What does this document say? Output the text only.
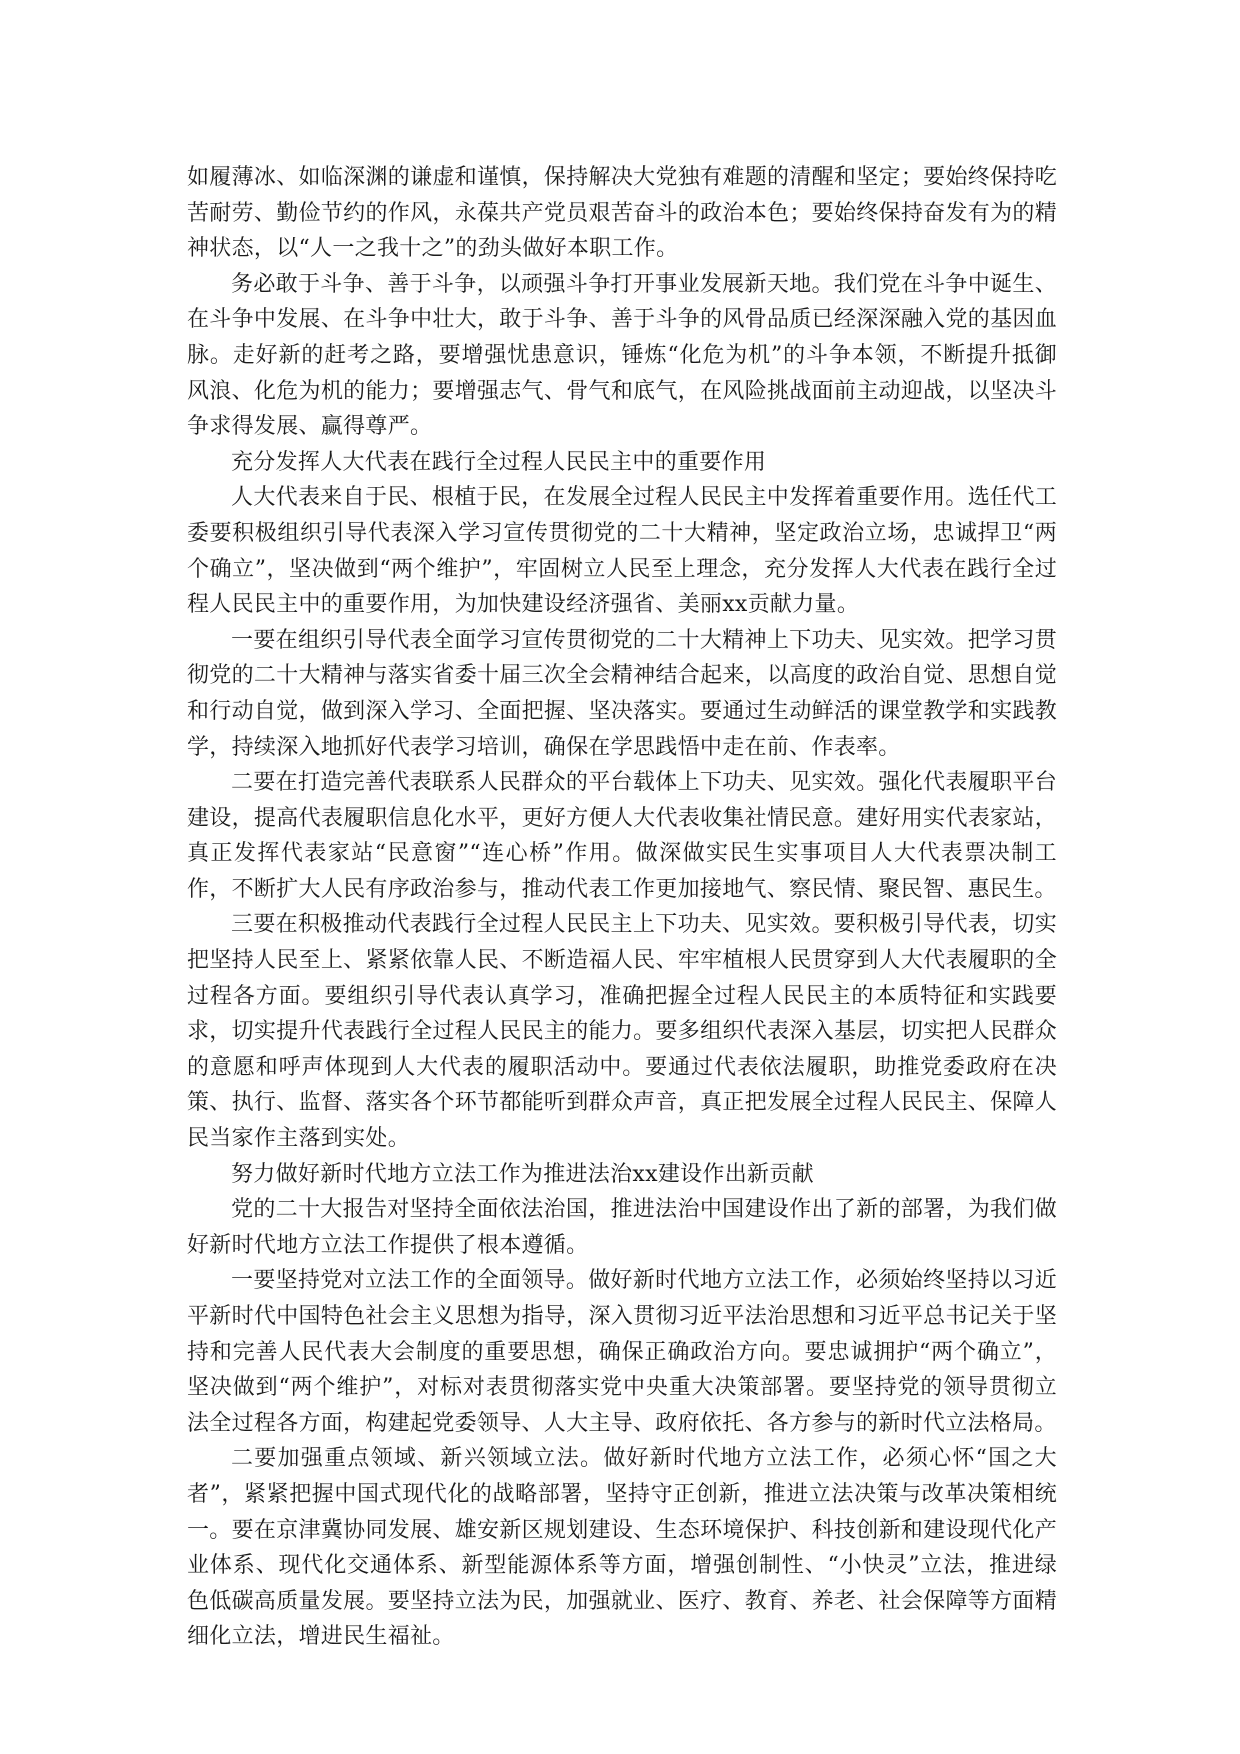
如履薄冰、如临深渊的谦虚和谨慎，保持解决大党独有难题的清醒和坚定；要始终保持吃苦耐劳、勤俭节约的作风，永葆共产党员艰苦奋斗的政治本色；要始终保持奋发有为的精神状态，以“人一之我十之”的劲头做好本职工作。

务必敢于斗争、善于斗争，以顽强斗争打开事业发展新天地。我们党在斗争中诞生、在斗争中发展、在斗争中壮大，敢于斗争、善于斗争的风骨品质已经深深融入党的基因血脉。走好新的赶考之路，要增强忧患意识，锤炼“化危为机”的斗争本领，不断提升抵御风浪、化危为机的能力；要增强志气、骨气和底气，在风险挑战面前主动迎战，以坚决斗争求得发展、赢得尊严。

充分发挥人大代表在践行全过程人民民主中的重要作用

人大代表来自于民、根植于民，在发展全过程人民民主中发挥着重要作用。选任代工委要积极组织引导代表深入学习宣传贯彻党的二十大精神，坚定政治立场，忠诚捍卫“两个确立”，坚决做到“两个维护”，牢固树立人民至上理念，充分发挥人大代表在践行全过程人民民主中的重要作用，为加快建设经济强省、美丽xx贡献力量。

一要在组织引导代表全面学习宣传贯彻党的二十大精神上下功夫、见实效。把学习贯彻党的二十大精神与落实省委十届三次全会精神结合起来，以高度的政治自觉、思想自觉和行动自觉，做到深入学习、全面把握、坚决落实。要通过生动鲜活的课堂教学和实践教学，持续深入地抓好代表学习培训，确保在学思践悟中走在前、作表率。

二要在打造完善代表联系人民群众的平台载体上下功夫、见实效。强化代表履职平台建设，提高代表履职信息化水平，更好方便人大代表收集社情民意。建好用实代表家站，真正发挥代表家站“民意窗”“连心桥”作用。做深做实民生实事项目人大代表票决制工作，不断扩大人民有序政治参与，推动代表工作更加接地气、察民情、聚民智、惠民生。

三要在积极推动代表践行全过程人民民主上下功夫、见实效。要积极引导代表，切实把坚持人民至上、紧紧依靠人民、不断造福人民、牢牢植根人民贯穿到人大代表履职的全过程各方面。要组织引导代表认真学习，准确把握全过程人民民主的本质特征和实践要求，切实提升代表践行全过程人民民主的能力。要多组织代表深入基层，切实把人民群众的意愿和呼声体现到人大代表的履职活动中。要通过代表依法履职，助推党委政府在决策、执行、监督、落实各个环节都能听到群众声音，真正把发展全过程人民民主、保障人民当家作主落到实处。

努力做好新时代地方立法工作为推进法治xx建设作出新贡献

党的二十大报告对坚持全面依法治国，推进法治中国建设作出了新的部署，为我们做好新时代地方立法工作提供了根本遵循。

一要坚持党对立法工作的全面领导。做好新时代地方立法工作，必须始终坚持以习近平新时代中国特色社会主义思想为指导，深入贯彻习近平法治思想和习近平总书记关于坚持和完善人民代表大会制度的重要思想，确保正确政治方向。要忠诚拥护“两个确立”，坚决做到“两个维护”，对标对表贯彻落实党中央重大决策部署。要坚持党的领导贯彻立法全过程各方面，构建起党委领导、人大主导、政府依托、各方参与的新时代立法格局。

二要加强重点领域、新兴领域立法。做好新时代地方立法工作，必须心怀“国之大者”，紧紧把握中国式现代化的战略部署，坚持守正创新，推进立法决策与改革决策相统一。要在京津冀协同发展、雄安新区规划建设、生态环境保护、科技创新和建设现代化产业体系、现代化交通体系、新型能源体系等方面，增强创制性、“小快灵”立法，推进绿色低碳高质量发展。要坚持立法为民，加强就业、医疗、教育、养老、社会保障等方面精细化立法，增进民生福祉。
